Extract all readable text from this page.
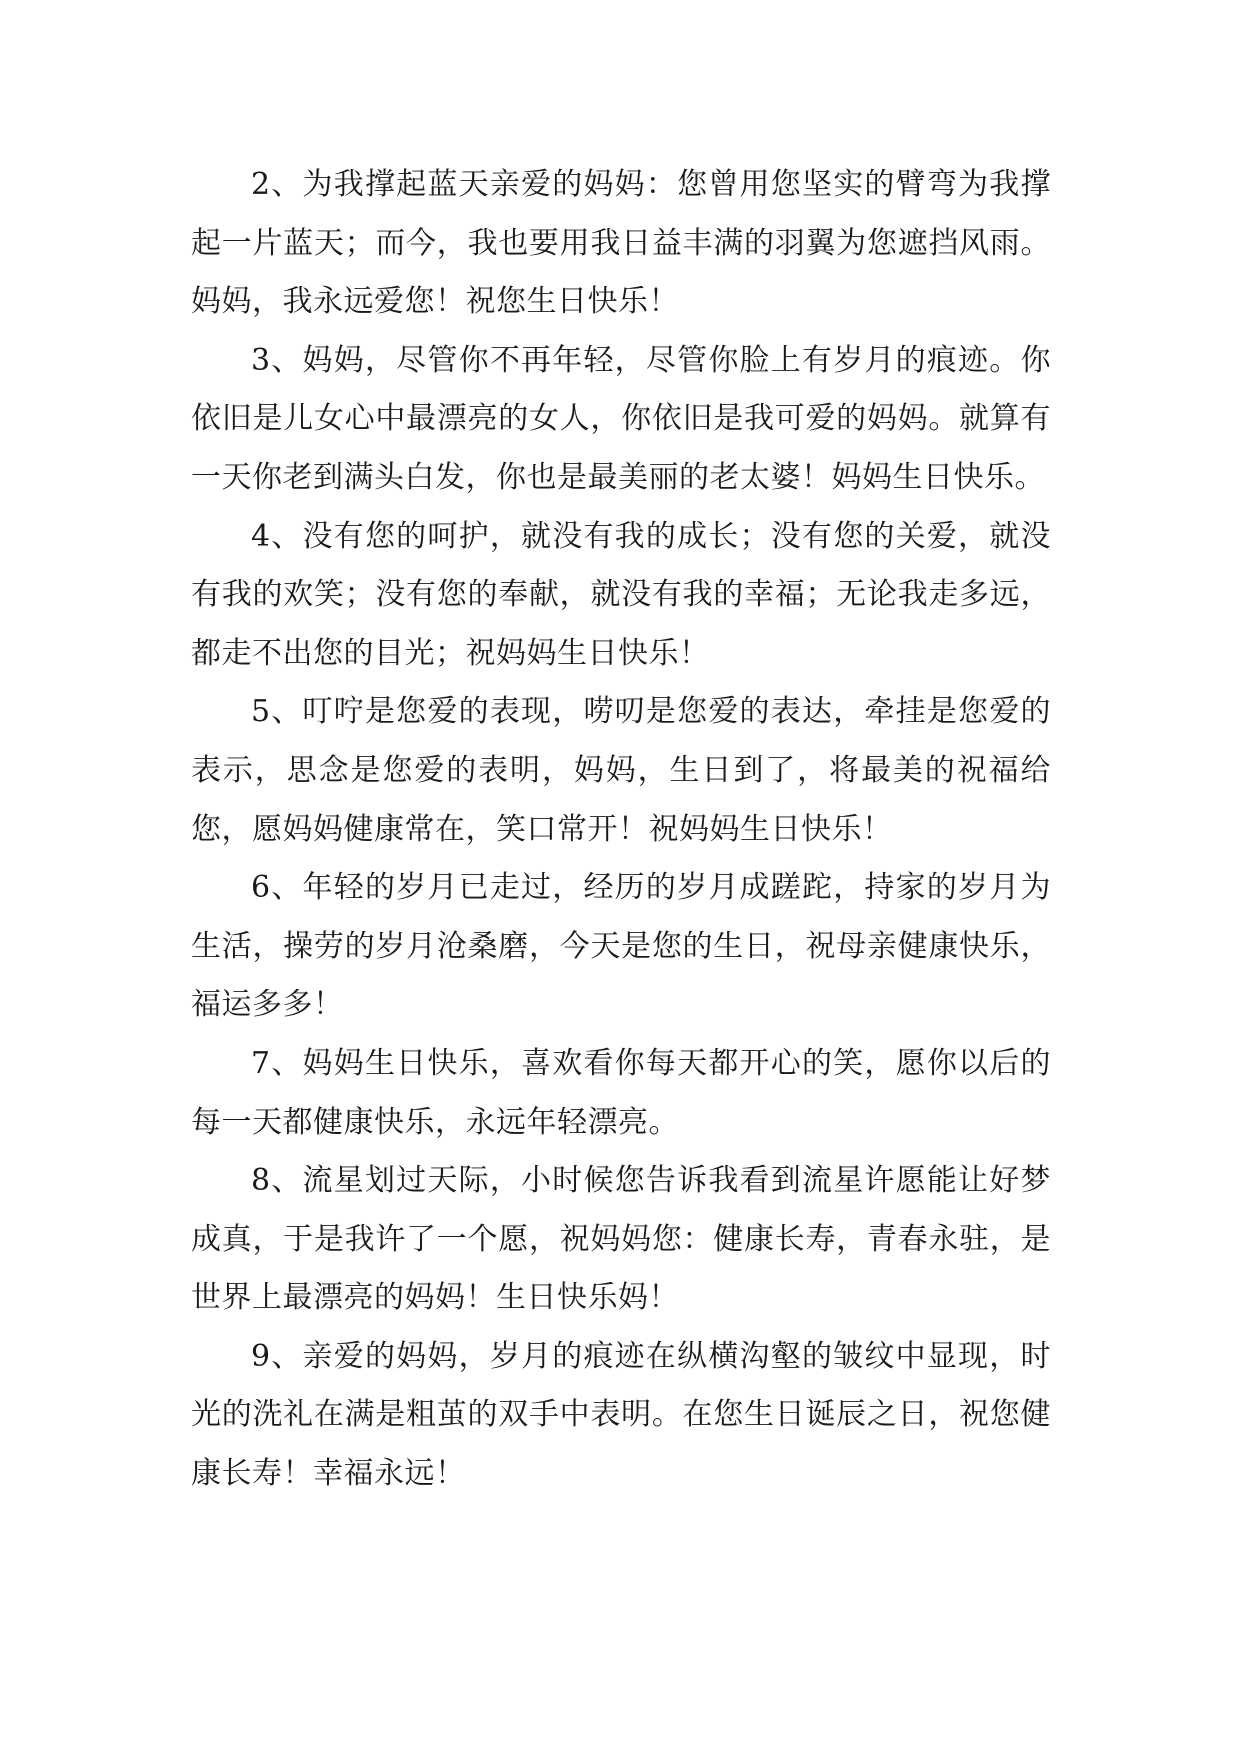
2、为我撑起蓝天亲爱的妈妈：您曾用您坚实的臂弯为我撑起一片蓝天；而今，我也要用我日益丰满的羽翼为您遮挡风雨。妈妈，我永远爱您！祝您生日快乐！

3、妈妈，尽管你不再年轻，尽管你脸上有岁月的痕迹。你依旧是儿女心中最漂亮的女人，你依旧是我可爱的妈妈。就算有一天你老到满头白发，你也是最美丽的老太婆！妈妈生日快乐。

4、没有您的呵护，就没有我的成长；没有您的关爱，就没有我的欢笑；没有您的奉献，就没有我的幸福；无论我走多远，都走不出您的目光；祝妈妈生日快乐！

5、叮咛是您爱的表现，唠叨是您爱的表达，牵挂是您爱的表示，思念是您爱的表明，妈妈，生日到了，将最美的祝福给您，愿妈妈健康常在，笑口常开！祝妈妈生日快乐！

6、年轻的岁月已走过，经历的岁月成蹉跎，持家的岁月为生活，操劳的岁月沧桑磨，今天是您的生日，祝母亲健康快乐，福运多多！

7、妈妈生日快乐，喜欢看你每天都开心的笑，愿你以后的每一天都健康快乐，永远年轻漂亮。

8、流星划过天际，小时候您告诉我看到流星许愿能让好梦成真，于是我许了一个愿，祝妈妈您：健康长寿，青春永驻，是世界上最漂亮的妈妈！生日快乐妈！

9、亲爱的妈妈，岁月的痕迹在纵横沟壑的皱纹中显现，时光的洗礼在满是粗茧的双手中表明。在您生日诞辰之日，祝您健康长寿！幸福永远！
